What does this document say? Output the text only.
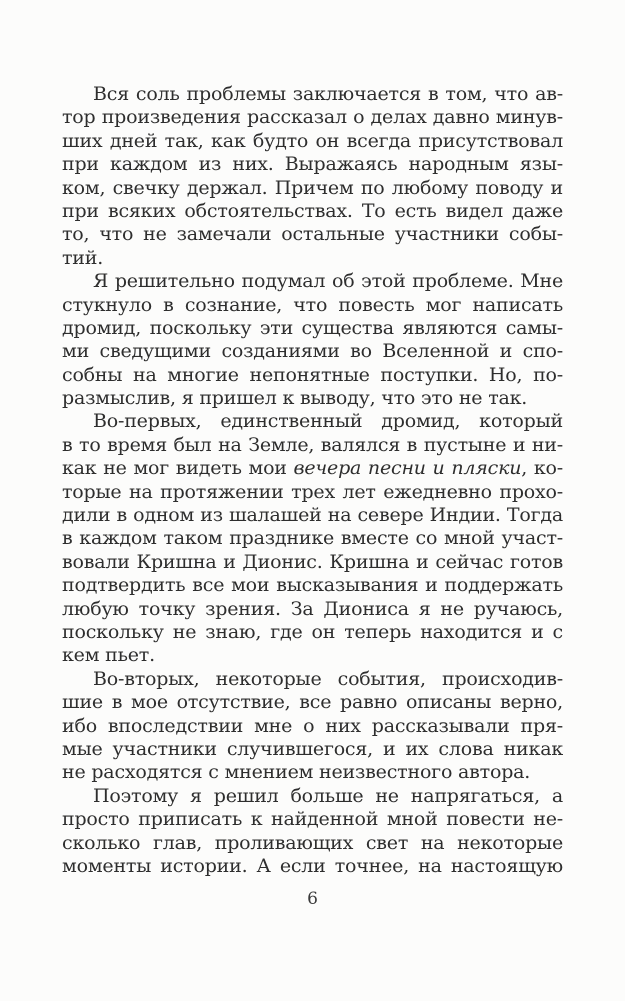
Вся соль проблемы заключается в том, что ав-
тор произведения рассказал о делах давно минув-
ших дней так, как будто он всегда присутствовал
при каждом из них. Выражаясь народным язы-
ком, свечку держал. Причем по любому поводу и
при всяких обстоятельствах. То есть видел даже
то, что не замечали остальные участники собы-
тий.
Я решительно подумал об этой проблеме. Мне
стукнуло в сознание, что повесть мог написать
дромид, поскольку эти существа являются самы-
ми сведущими созданиями во Вселенной и спо-
собны на многие непонятные поступки. Но, по-
размыслив, я пришел к выводу, что это не так.
Во-первых, единственный дромид, который
в то время был на Земле, валялся в пустыне и ни-
как не мог видеть мои вечера песни и пляски, ко-
торые на протяжении трех лет ежедневно прохо-
дили в одном из шалашей на севере Индии. Тогда
в каждом таком празднике вместе со мной участ-
вовали Кришна и Дионис. Кришна и сейчас готов
подтвердить все мои высказывания и поддержать
любую точку зрения. За Диониса я не ручаюсь,
поскольку не знаю, где он теперь находится и с
кем пьет.
Во-вторых, некоторые события, происходив-
шие в мое отсутствие, все равно описаны верно,
ибо впоследствии мне о них рассказывали пря-
мые участники случившегося, и их слова никак
не расходятся с мнением неизвестного автора.
Поэтому я решил больше не напрягаться, а
просто приписать к найденной мной повести не-
сколько глав, проливающих свет на некоторые
моменты истории. А если точнее, на настоящую
6
